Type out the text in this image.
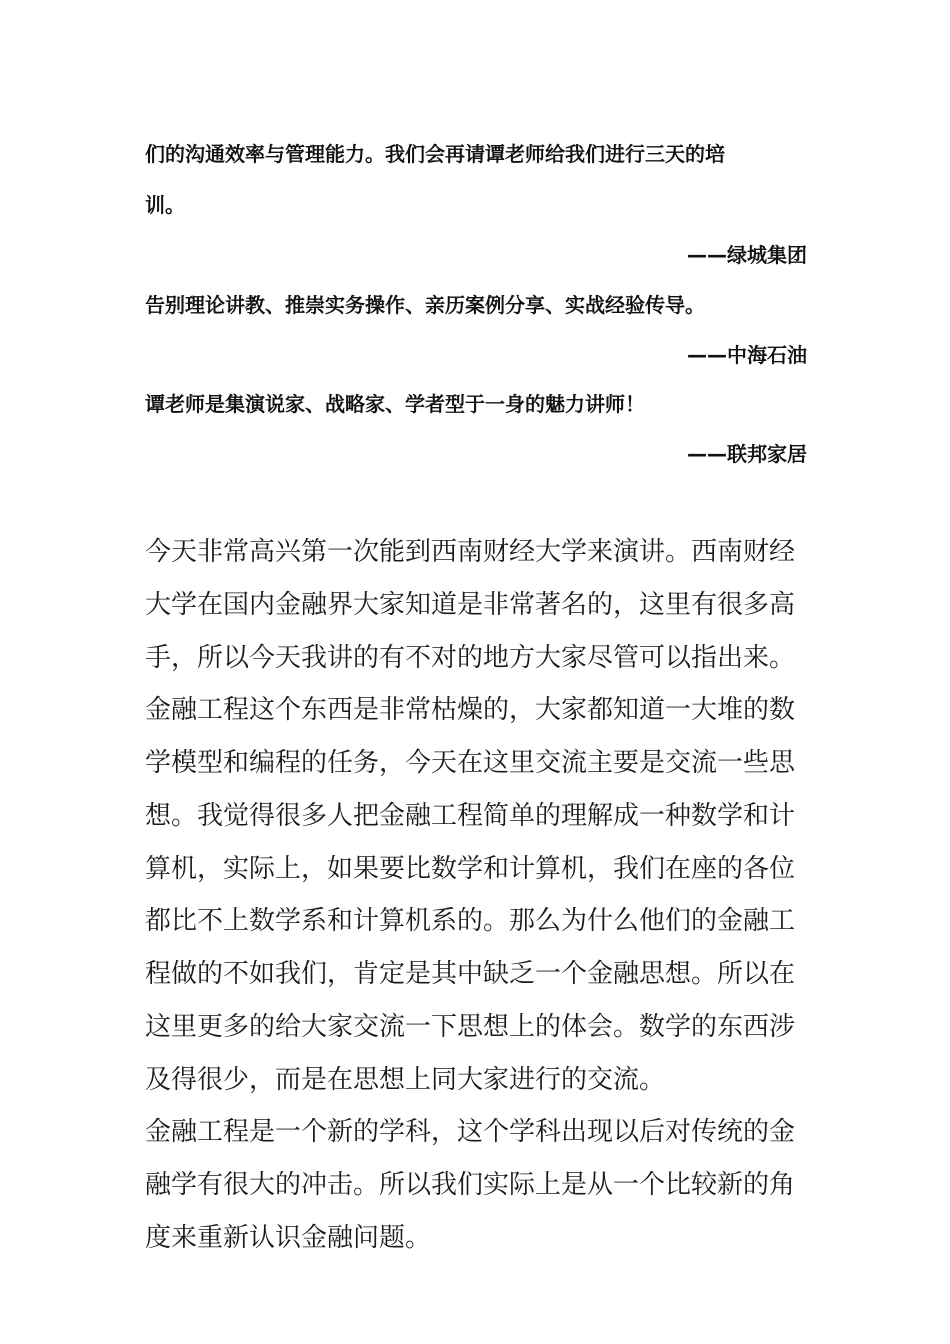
们的沟通效率与管理能力。我们会再请谭老师给我们进行三天的培
训。
——绿城集团
告别理论讲教、推崇实务操作、亲历案例分享、实战经验传导。
——中海石油
谭老师是集演说家、战略家、学者型于一身的魅力讲师！
——联邦家居
今天非常高兴第一次能到西南财经大学来演讲。西南财经
大学在国内金融界大家知道是非常著名的，这里有很多高
手，所以今天我讲的有不对的地方大家尽管可以指出来。
金融工程这个东西是非常枯燥的，大家都知道一大堆的数
学模型和编程的任务，今天在这里交流主要是交流一些思
想。我觉得很多人把金融工程简单的理解成一种数学和计
算机，实际上，如果要比数学和计算机，我们在座的各位
都比不上数学系和计算机系的。那么为什么他们的金融工
程做的不如我们，肯定是其中缺乏一个金融思想。所以在
这里更多的给大家交流一下思想上的体会。数学的东西涉
及得很少，而是在思想上同大家进行的交流。
金融工程是一个新的学科，这个学科出现以后对传统的金
融学有很大的冲击。所以我们实际上是从一个比较新的角
度来重新认识金融问题。
